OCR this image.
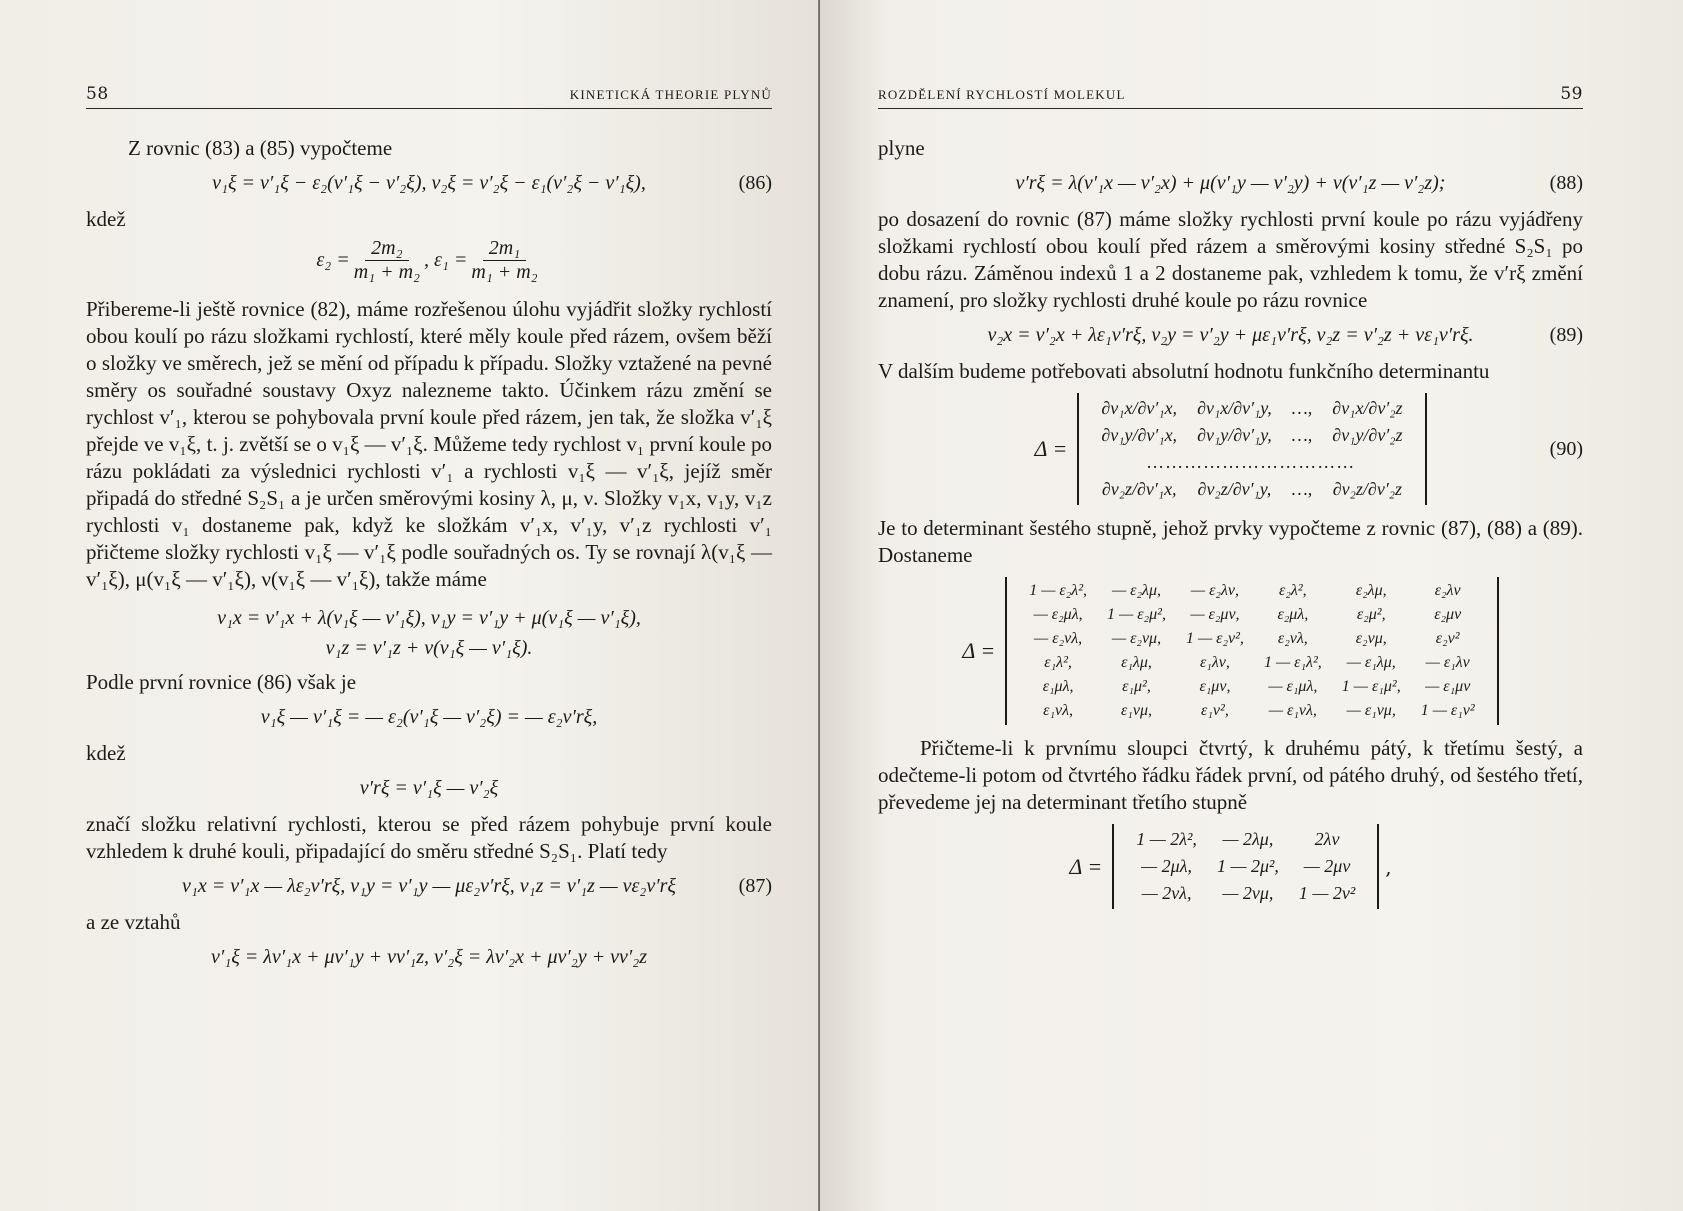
58	KINETICKÁ THEORIE PLYNŮ

Z rovnic (83) a (85) vypočteme

v₁ξ = v′₁ξ − ε₂(v′₁ξ − v′₂ξ), v₂ξ = v′₂ξ − ε₁(v′₂ξ − v′₁ξ),	(86)

kdež

$\varepsilon_2 = \frac{\text{2m₂}}{\text{m₁ + m₂}}$ , $\varepsilon_1 = \frac{\text{2m₁}}{\text{m₁ + m₂}}$

Přibereme-li ještě rovnice (82), máme rozřešenou úlohu vyjádřit složky rychlostí obou koulí po rázu složkami rychlostí, které měly koule před rázem, ovšem běží o složky ve směrech, jež se mění od případu k případu. Složky vztažené na pevné směry os souřadné soustavy Oxyz nalezneme takto. Účinkem rázu změní se rychlost v′₁, kterou se pohybovala první koule před rázem, jen tak, že složka v′₁ξ přejde ve v₁ξ, t. j. zvětší se o v₁ξ — v′₁ξ. Můžeme tedy rychlost v₁ první koule po rázu pokládati za výslednici rychlosti v′₁ a rychlosti v₁ξ — v′₁ξ, jejíž směr připadá do středné S₂S₁ a je určen směrovými kosiny λ, μ, ν. Složky v₁x, v₁y, v₁z rychlosti v₁ dostaneme pak, když ke složkám v′₁x, v′₁y, v′₁z rychlosti v′₁ přičteme složky rychlosti v₁ξ — v′₁ξ podle souřadných os. Ty se rovnají λ(v₁ξ — v′₁ξ), μ(v₁ξ — v′₁ξ), ν(v₁ξ — v′₁ξ), takže máme

v₁x = v′₁x + λ(v₁ξ — v′₁ξ), v₁y = v′₁y + μ(v₁ξ — v′₁ξ),
v₁z = v′₁z + ν(v₁ξ — v′₁ξ).

Podle první rovnice (86) však je

v₁ξ — v′₁ξ = — ε₂(v′₁ξ — v′₂ξ) = — ε₂v′rξ,

kdež

v′rξ = v′₁ξ — v′₂ξ

značí složku relativní rychlosti, kterou se před rázem pohybuje první koule vzhledem k druhé kouli, připadající do směru středné S₂S₁. Platí tedy

v₁x = v′₁x — λε₂v′rξ, v₁y = v′₁y — με₂v′rξ, v₁z = v′₁z — νε₂v′rξ	(87)

a ze vztahů

v′₁ξ = λv′₁x + μv′₁y + νv′₁z, v′₂ξ = λv′₂x + μv′₂y + νv′₂z
ROZDĚLENÍ RYCHLOSTÍ MOLEKUL	59

plyne

v′rξ = λ(v′₁x — v′₂x) + μ(v′₁y — v′₂y) + ν(v′₁z — v′₂z);	(88)

po dosazení do rovnic (87) máme složky rychlosti první koule po rázu vyjádřeny složkami rychlostí obou koulí před rázem a směrovými kosiny středné S₂S₁ po dobu rázu. Záměnou indexů 1 a 2 dostaneme pak, vzhledem k tomu, že v′rξ změní znamení, pro složky rychlosti druhé koule po rázu rovnice

v₂x = v′₂x + λε₁v′rξ, v₂y = v′₂y + με₁v′rξ, v₂z = v′₂z + νε₁v′rξ.	(89)

V dalším budeme potřebovati absolutní hodnotu funkčního determinantu

Δ =
∂v₁x/∂v′₁x,	∂v₁x/∂v′₁y,	…,	∂v₁x/∂v′₂z
∂v₁y/∂v′₁x,	∂v₁y/∂v′₁y,	…,	∂v₁y/∂v′₂z
……………………………			
∂v₂z/∂v′₁x,	∂v₂z/∂v′₁y,	…,	∂v₂z/∂v′₂z
(90)

Je to determinant šestého stupně, jehož prvky vypočteme z rovnic (87), (88) a (89). Dostaneme

Δ =
1 — ε₂λ²,	— ε₂λμ,	— ε₂λν,	ε₂λ²,	ε₂λμ,	ε₂λν
— ε₂μλ,	1 — ε₂μ²,	— ε₂μν,	ε₂μλ,	ε₂μ²,	ε₂μν
— ε₂νλ,	— ε₂νμ,	1 — ε₂ν²,	ε₂νλ,	ε₂νμ,	ε₂ν²
ε₁λ²,	ε₁λμ,	ε₁λν,	1 — ε₁λ²,	— ε₁λμ,	— ε₁λν
ε₁μλ,	ε₁μ²,	ε₁μν,	— ε₁μλ,	1 — ε₁μ²,	— ε₁μν
ε₁νλ,	ε₁νμ,	ε₁ν²,	— ε₁νλ,	— ε₁νμ,	1 — ε₁ν²

Přičteme-li k prvnímu sloupci čtvrtý, k druhému pátý, k třetímu šestý, a odečteme-li potom od čtvrtého řádku řádek první, od pátého druhý, od šestého třetí, převedeme jej na determinant třetího stupně

Δ =
1 — 2λ²,	— 2λμ,	2λν
— 2μλ,	1 — 2μ²,	— 2μν
— 2νλ,	— 2νμ,	1 — 2ν²
,
